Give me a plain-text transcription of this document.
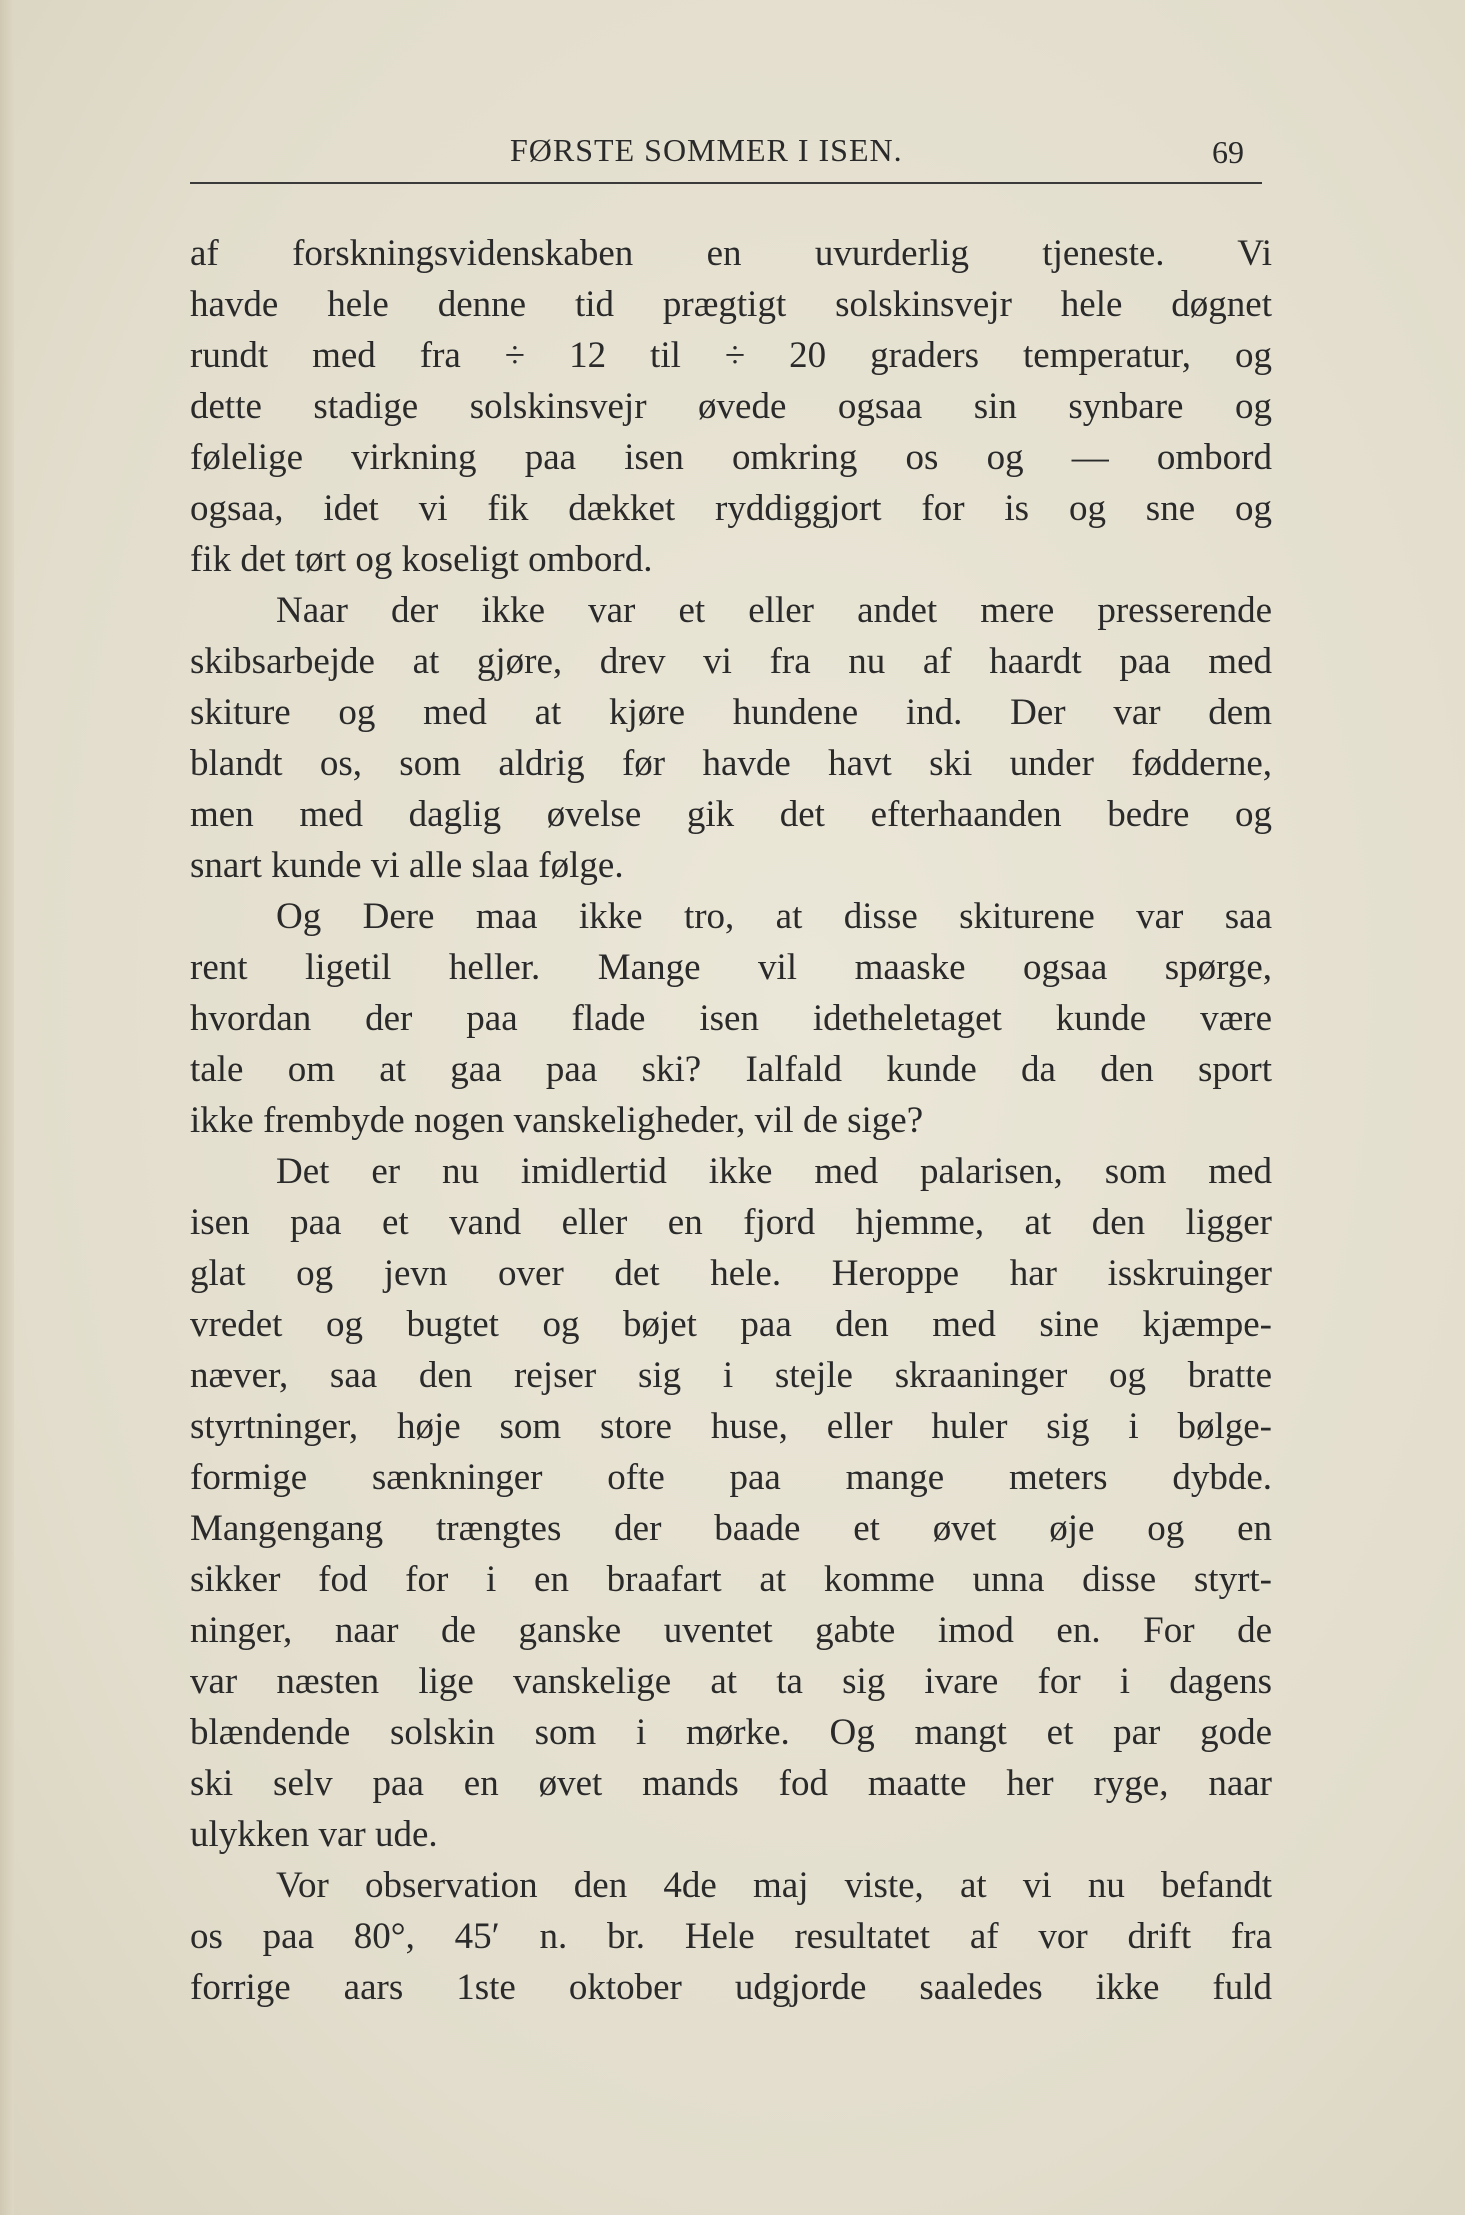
FØRSTE SOMMER I ISEN.	69
af forskningsvidenskaben en uvurderlig tjeneste. Vi
havde hele denne tid prægtigt solskinsvejr hele døgnet
rundt med fra ÷ 12 til ÷ 20 graders temperatur, og
dette stadige solskinsvejr øvede ogsaa sin synbare og
følelige virkning paa isen omkring os og — ombord
ogsaa, idet vi fik dækket ryddiggjort for is og sne og
fik det tørt og koseligt ombord.
Naar der ikke var et eller andet mere presserende
skibsarbejde at gjøre, drev vi fra nu af haardt paa med
skiture og med at kjøre hundene ind. Der var dem
blandt os, som aldrig før havde havt ski under fødderne,
men med daglig øvelse gik det efterhaanden bedre og
snart kunde vi alle slaa følge.
Og Dere maa ikke tro, at disse skiturene var saa
rent ligetil heller. Mange vil maaske ogsaa spørge,
hvordan der paa flade isen idetheletaget kunde være
tale om at gaa paa ski? Ialfald kunde da den sport
ikke frembyde nogen vanskeligheder, vil de sige?
Det er nu imidlertid ikke med palarisen, som med
isen paa et vand eller en fjord hjemme, at den ligger
glat og jevn over det hele. Heroppe har isskruinger
vredet og bugtet og bøjet paa den med sine kjæmpe-
næver, saa den rejser sig i stejle skraaninger og bratte
styrtninger, høje som store huse, eller huler sig i bølge-
formige sænkninger ofte paa mange meters dybde.
Mangengang trængtes der baade et øvet øje og en
sikker fod for i en braafart at komme unna disse styrt-
ninger, naar de ganske uventet gabte imod en. For de
var næsten lige vanskelige at ta sig ivare for i dagens
blændende solskin som i mørke. Og mangt et par gode
ski selv paa en øvet mands fod maatte her ryge, naar
ulykken var ude.
Vor observation den 4de maj viste, at vi nu befandt
os paa 80°, 45′ n. br. Hele resultatet af vor drift fra
forrige aars 1ste oktober udgjorde saaledes ikke fuld
